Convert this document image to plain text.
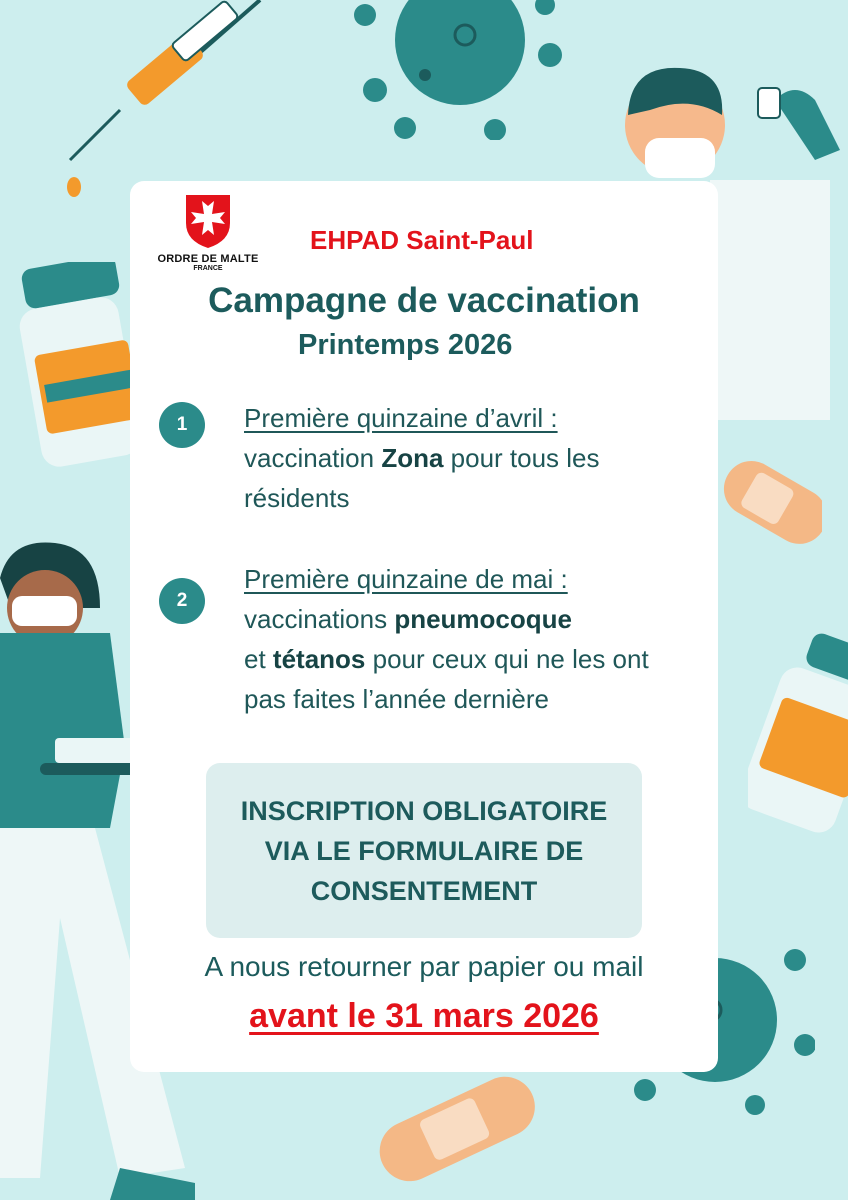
ORDRE DE MALTE
FRANCE
EHPAD Saint-Paul
Campagne de vaccination
Printemps 2026
1	Première quinzaine d’avril :
vaccination Zona pour tous les résidents
2
Première quinzaine de mai :
vaccinations pneumocoque
et tétanos pour ceux qui ne les ont pas faites l’année dernière
INSCRIPTION OBLIGATOIRE
VIA LE FORMULAIRE DE
CONSENTEMENT
A nous retourner par papier ou mail
avant le 31 mars 2026
